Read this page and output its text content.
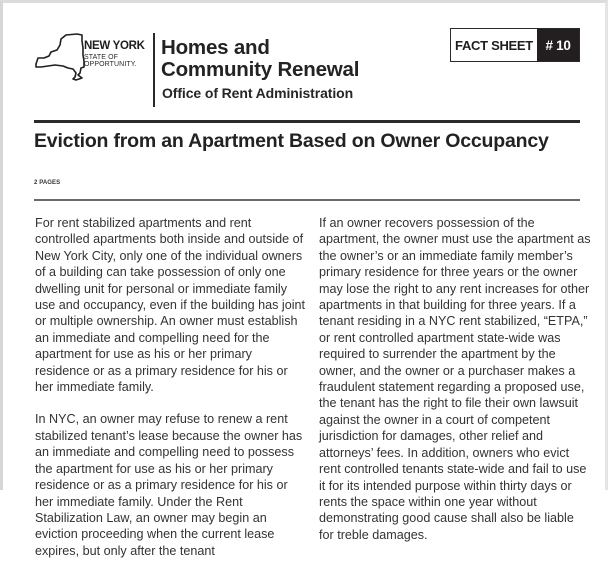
NEW YORK
STATE OF
OPPORTUNITY.
Homes and
Community Renewal
Office of Rent Administration
FACT SHEET # 10
Eviction from an Apartment Based on Owner Occupancy
2 PAGES

For rent stabilized apartments and rent controlled apartments both inside and outside of New York City, only one of the individual owners of a building can take possession of only one dwelling unit for personal or immediate family use and occupancy, even if the building has joint or multiple ownership. An owner must establish an immediate and compelling need for the apartment for use as his or her primary residence or as a primary residence for his or her immediate family.

In NYC, an owner may refuse to renew a rent stabilized tenant’s lease because the owner has an immediate and compelling need to possess the apartment for use as his or her primary residence or as a primary residence for his or her immediate family. Under the Rent Stabilization Law, an owner may begin an eviction proceeding when the current lease expires, but only after the tenant

If an owner recovers possession of the apartment, the owner must use the apartment as the owner’s or an immediate family member’s primary residence for three years or the owner may lose the right to any rent increases for other apartments in that building for three years. If a tenant residing in a NYC rent stabilized, “ETPA,” or rent controlled apartment state-wide was required to surrender the apartment by the owner, and the owner or a purchaser makes a fraudulent statement regarding a proposed use, the tenant has the right to file their own lawsuit against the owner in a court of competent jurisdiction for damages, other relief and attorneys’ fees. In addition, owners who evict rent controlled tenants state-wide and fail to use it for its intended purpose within thirty days or rents the space within one year without demonstrating good cause shall also be liable for treble damages.
